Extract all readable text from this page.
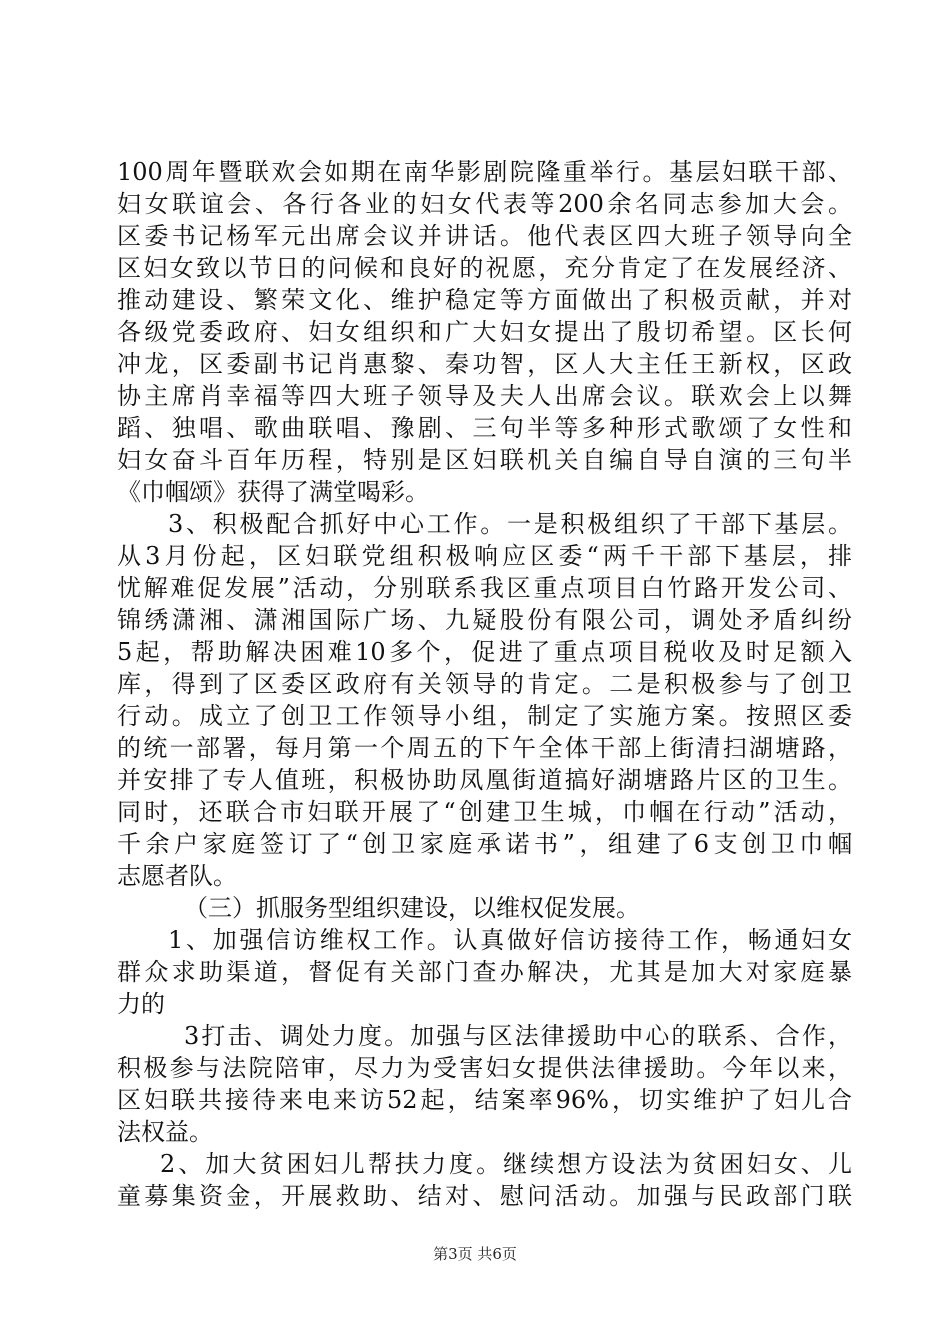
100周年暨联欢会如期在南华影剧院隆重举行。基层妇联干部、
妇女联谊会、各行各业的妇女代表等200余名同志参加大会。
区委书记杨军元出席会议并讲话。他代表区四大班子领导向全
区妇女致以节日的问候和良好的祝愿，充分肯定了在发展经济、
推动建设、繁荣文化、维护稳定等方面做出了积极贡献，并对
各级党委政府、妇女组织和广大妇女提出了殷切希望。区长何
冲龙，区委副书记肖惠黎、秦功智，区人大主任王新权，区政
协主席肖幸福等四大班子领导及夫人出席会议。联欢会上以舞
蹈、独唱、歌曲联唱、豫剧、三句半等多种形式歌颂了女性和
妇女奋斗百年历程，特别是区妇联机关自编自导自演的三句半
《巾帼颂》获得了满堂喝彩。
3、积极配合抓好中心工作。一是积极组织了干部下基层。
从3月份起，区妇联党组积极响应区委“两千干部下基层，排
忧解难促发展”活动，分别联系我区重点项目白竹路开发公司、
锦绣潇湘、潇湘国际广场、九疑股份有限公司，调处矛盾纠纷
5起，帮助解决困难10多个，促进了重点项目税收及时足额入
库，得到了区委区政府有关领导的肯定。二是积极参与了创卫
行动。成立了创卫工作领导小组，制定了实施方案。按照区委
的统一部署，每月第一个周五的下午全体干部上街清扫湖塘路，
并安排了专人值班，积极协助凤凰街道搞好湖塘路片区的卫生。
同时，还联合市妇联开展了“创建卫生城，巾帼在行动”活动，
千余户家庭签订了“创卫家庭承诺书”，组建了6支创卫巾帼
志愿者队。
（三）抓服务型组织建设，以维权促发展。
1、加强信访维权工作。认真做好信访接待工作，畅通妇女
群众求助渠道，督促有关部门查办解决，尤其是加大对家庭暴
力的
3打击、调处力度。加强与区法律援助中心的联系、合作，
积极参与法院陪审，尽力为受害妇女提供法律援助。今年以来，
区妇联共接待来电来访52起，结案率96%，切实维护了妇儿合
法权益。
2、加大贫困妇儿帮扶力度。继续想方设法为贫困妇女、儿
童募集资金，开展救助、结对、慰问活动。加强与民政部门联
第3页 共6页
